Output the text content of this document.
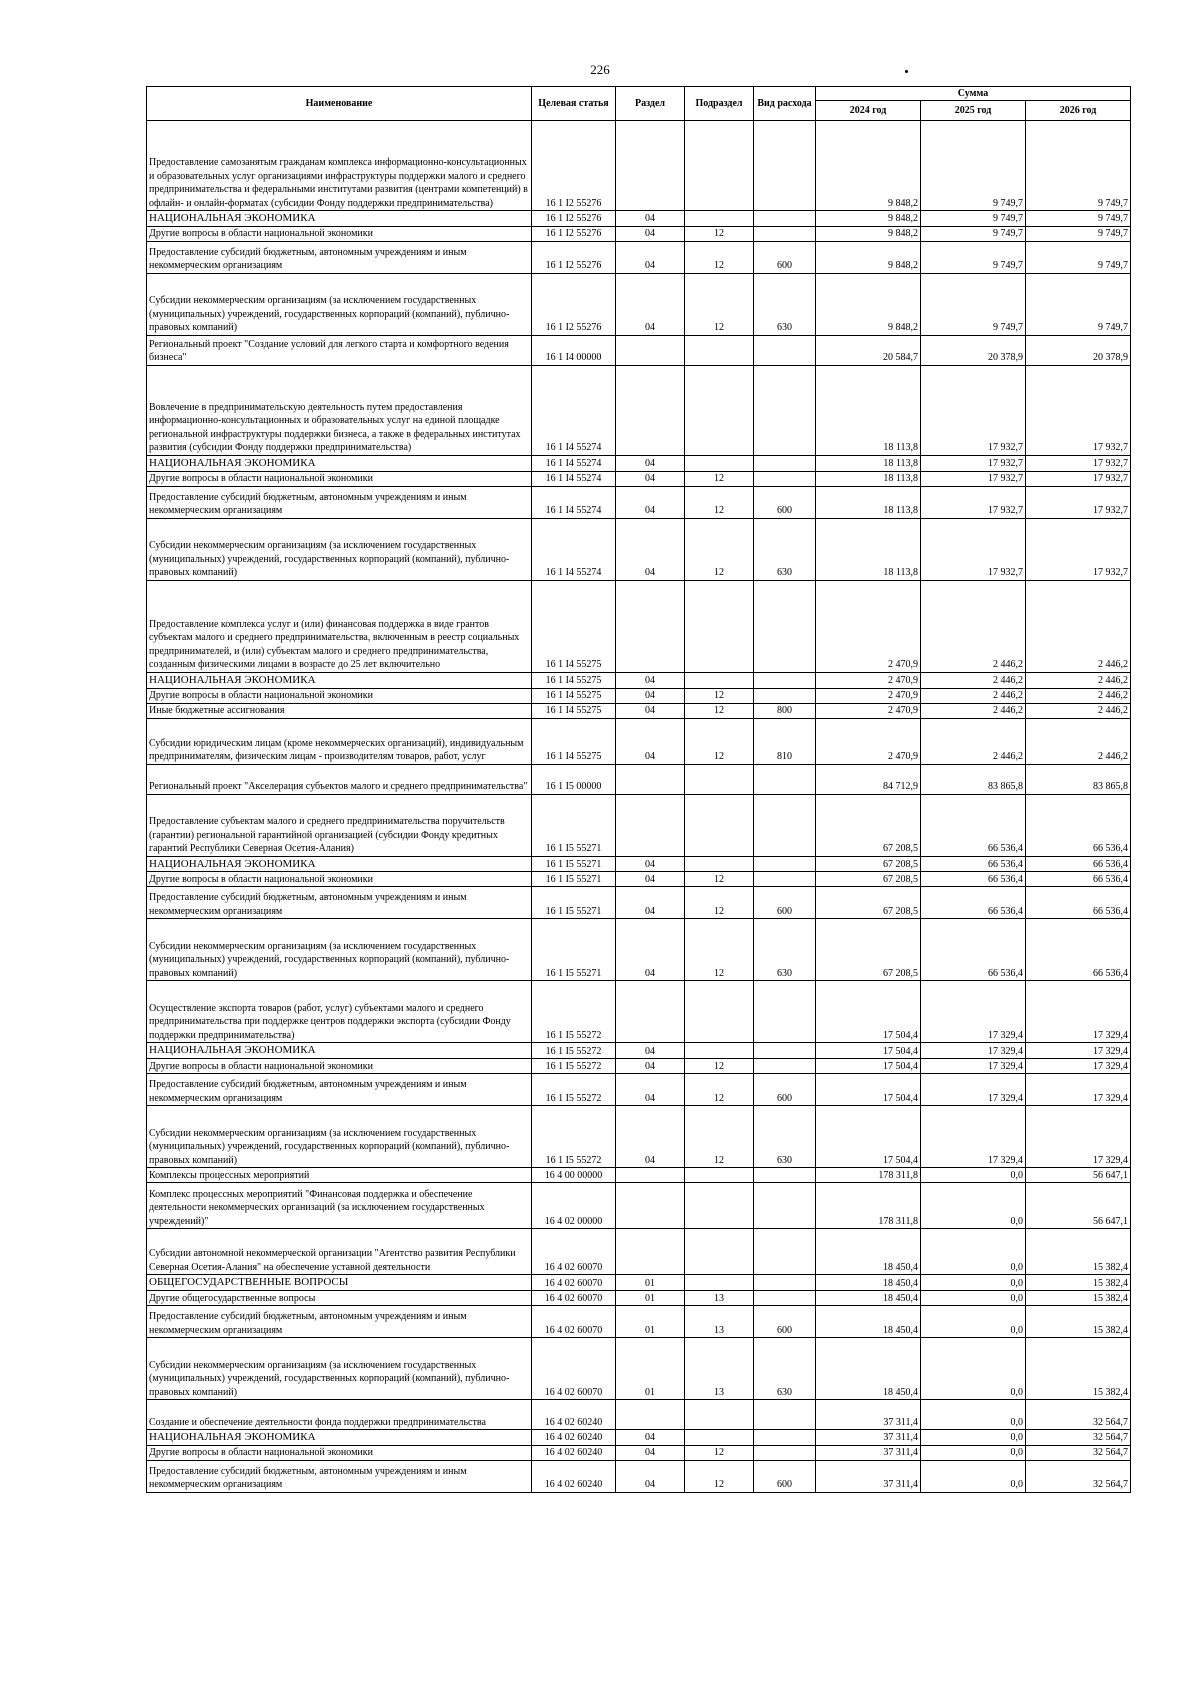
226
Наименование	Целевая статья	Раздел	Подраздел	Вид расхода	Сумма		
					2024 год	2025 год	2026 год
Предоставление самозанятым гражданам комплекса информационно-консультационных и образовательных услуг организациями инфраструктуры поддержки малого и среднего предпринимательства и федеральными институтами развития (центрами компетенций) в офлайн- и онлайн-форматах (субсидии Фонду поддержки предпринимательства)	16 1 I2 55276				9 848,2	9 749,7	9 749,7
НАЦИОНАЛЬНАЯ ЭКОНОМИКА	16 1 I2 55276	04			9 848,2	9 749,7	9 749,7
Другие вопросы в области национальной экономики	16 1 I2 55276	04	12		9 848,2	9 749,7	9 749,7
Предоставление субсидий бюджетным, автономным учреждениям и иным некоммерческим организациям	16 1 I2 55276	04	12	600	9 848,2	9 749,7	9 749,7
Субсидии некоммерческим организациям (за исключением государственных (муниципальных) учреждений, государственных корпораций (компаний), публично-правовых компаний)	16 1 I2 55276	04	12	630	9 848,2	9 749,7	9 749,7
Региональный проект "Создание условий для легкого старта и комфортного ведения бизнеса"	16 1 I4 00000				20 584,7	20 378,9	20 378,9
Вовлечение в предпринимательскую деятельность путем предоставления информационно-консультационных и образовательных услуг на единой площадке региональной инфраструктуры поддержки бизнеса, а также в федеральных институтах развития (субсидии Фонду поддержки предпринимательства)	16 1 I4 55274				18 113,8	17 932,7	17 932,7
НАЦИОНАЛЬНАЯ ЭКОНОМИКА	16 1 I4 55274	04			18 113,8	17 932,7	17 932,7
Другие вопросы в области национальной экономики	16 1 I4 55274	04	12		18 113,8	17 932,7	17 932,7
Предоставление субсидий бюджетным, автономным учреждениям и иным некоммерческим организациям	16 1 I4 55274	04	12	600	18 113,8	17 932,7	17 932,7
Субсидии некоммерческим организациям (за исключением государственных (муниципальных) учреждений, государственных корпораций (компаний), публично-правовых компаний)	16 1 I4 55274	04	12	630	18 113,8	17 932,7	17 932,7
Предоставление комплекса услуг и (или) финансовая поддержка в виде грантов субъектам малого и среднего предпринимательства, включенным в реестр социальных предпринимателей, и (или) субъектам малого и среднего предпринимательства, созданным физическими лицами в возрасте до 25 лет включительно	16 1 I4 55275				2 470,9	2 446,2	2 446,2
НАЦИОНАЛЬНАЯ ЭКОНОМИКА	16 1 I4 55275	04			2 470,9	2 446,2	2 446,2
Другие вопросы в области национальной экономики	16 1 I4 55275	04	12		2 470,9	2 446,2	2 446,2
Иные бюджетные ассигнования	16 1 I4 55275	04	12	800	2 470,9	2 446,2	2 446,2
Субсидии юридическим лицам (кроме некоммерческих организаций), индивидуальным предпринимателям, физическим лицам - производителям товаров, работ, услуг	16 1 I4 55275	04	12	810	2 470,9	2 446,2	2 446,2
Региональный проект "Акселерация субъектов малого и среднего предпринимательства"	16 1 I5 00000				84 712,9	83 865,8	83 865,8
Предоставление субъектам малого и среднего предпринимательства поручительств (гарантии) региональной гарантийной организацией (субсидии Фонду кредитных гарантий Республики Северная Осетия-Алания)	16 1 I5 55271				67 208,5	66 536,4	66 536,4
НАЦИОНАЛЬНАЯ ЭКОНОМИКА	16 1 I5 55271	04			67 208,5	66 536,4	66 536,4
Другие вопросы в области национальной экономики	16 1 I5 55271	04	12		67 208,5	66 536,4	66 536,4
Предоставление субсидий бюджетным, автономным учреждениям и иным некоммерческим организациям	16 1 I5 55271	04	12	600	67 208,5	66 536,4	66 536,4
Субсидии некоммерческим организациям (за исключением государственных (муниципальных) учреждений, государственных корпораций (компаний), публично-правовых компаний)	16 1 I5 55271	04	12	630	67 208,5	66 536,4	66 536,4
Осуществление экспорта товаров (работ, услуг) субъектами малого и среднего предпринимательства при поддержке центров поддержки экспорта (субсидии Фонду поддержки предпринимательства)	16 1 I5 55272				17 504,4	17 329,4	17 329,4
НАЦИОНАЛЬНАЯ ЭКОНОМИКА	16 1 I5 55272	04			17 504,4	17 329,4	17 329,4
Другие вопросы в области национальной экономики	16 1 I5 55272	04	12		17 504,4	17 329,4	17 329,4
Предоставление субсидий бюджетным, автономным учреждениям и иным некоммерческим организациям	16 1 I5 55272	04	12	600	17 504,4	17 329,4	17 329,4
Субсидии некоммерческим организациям (за исключением государственных (муниципальных) учреждений, государственных корпораций (компаний), публично-правовых компаний)	16 1 I5 55272	04	12	630	17 504,4	17 329,4	17 329,4
Комплексы процессных мероприятий	16 4 00 00000				178 311,8	0,0	56 647,1
Комплекс процессных мероприятий "Финансовая поддержка и обеспечение деятельности некоммерческих организаций (за исключением государственных учреждений)"	16 4 02 00000				178 311,8	0,0	56 647,1
Субсидии автономной некоммерческой организации "Агентство развития Республики Северная Осетия-Алания" на обеспечение уставной деятельности	16 4 02 60070				18 450,4	0,0	15 382,4
ОБЩЕГОСУДАРСТВЕННЫЕ ВОПРОСЫ	16 4 02 60070	01			18 450,4	0,0	15 382,4
Другие общегосударственные вопросы	16 4 02 60070	01	13		18 450,4	0,0	15 382,4
Предоставление субсидий бюджетным, автономным учреждениям и иным некоммерческим организациям	16 4 02 60070	01	13	600	18 450,4	0,0	15 382,4
Субсидии некоммерческим организациям (за исключением государственных (муниципальных) учреждений, государственных корпораций (компаний), публично-правовых компаний)	16 4 02 60070	01	13	630	18 450,4	0,0	15 382,4
Создание и обеспечение деятельности фонда поддержки предпринимательства	16 4 02 60240				37 311,4	0,0	32 564,7
НАЦИОНАЛЬНАЯ ЭКОНОМИКА	16 4 02 60240	04			37 311,4	0,0	32 564,7
Другие вопросы в области национальной экономики	16 4 02 60240	04	12		37 311,4	0,0	32 564,7
Предоставление субсидий бюджетным, автономным учреждениям и иным некоммерческим организациям	16 4 02 60240	04	12	600	37 311,4	0,0	32 564,7
